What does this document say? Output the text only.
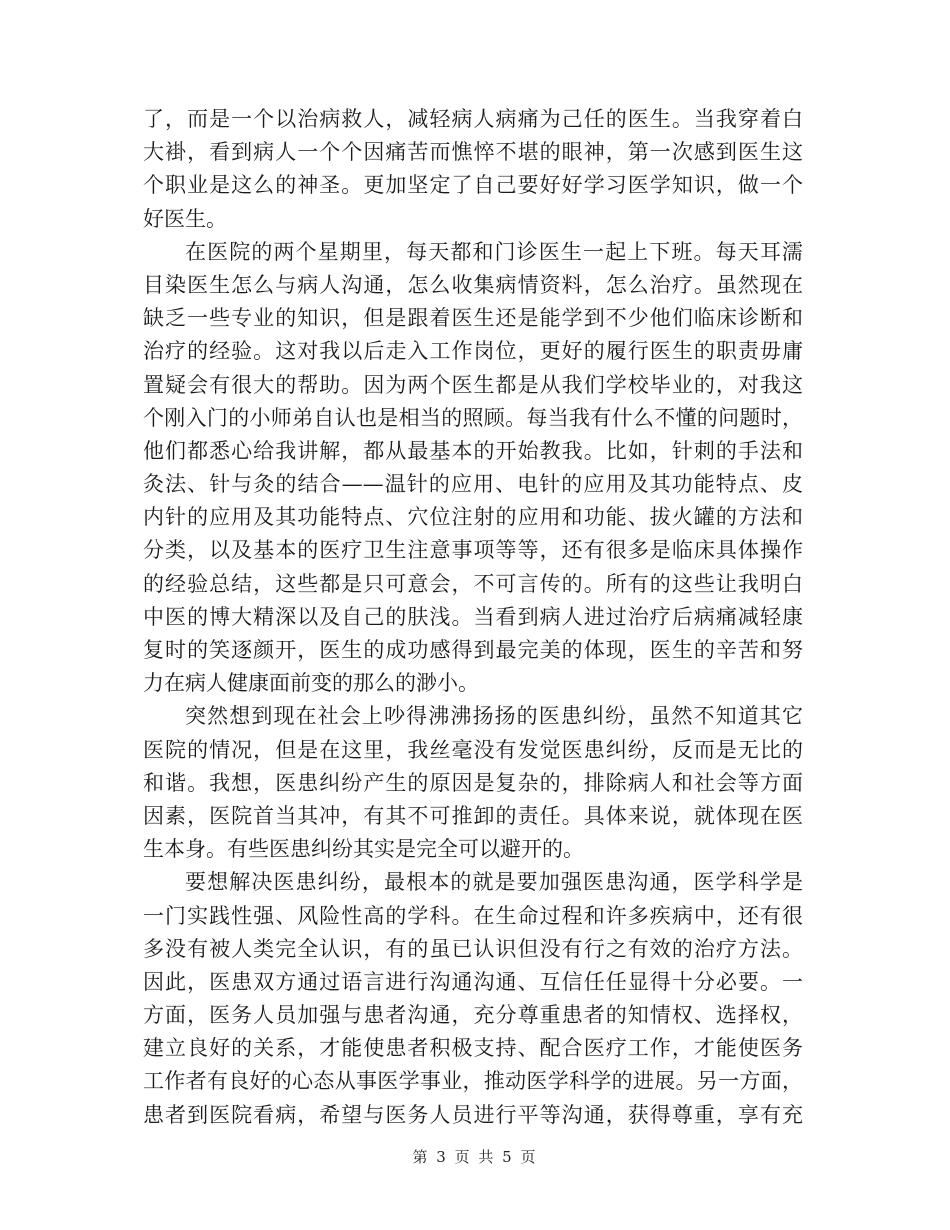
了，而是一个以治病救人，减轻病人病痛为己任的医生。当我穿着白
大褂，看到病人一个个因痛苦而憔悴不堪的眼神，第一次感到医生这
个职业是这么的神圣。更加坚定了自己要好好学习医学知识，做一个
好医生。
在医院的两个星期里，每天都和门诊医生一起上下班。每天耳濡
目染医生怎么与病人沟通，怎么收集病情资料，怎么治疗。虽然现在
缺乏一些专业的知识，但是跟着医生还是能学到不少他们临床诊断和
治疗的经验。这对我以后走入工作岗位，更好的履行医生的职责毋庸
置疑会有很大的帮助。因为两个医生都是从我们学校毕业的，对我这
个刚入门的小师弟自认也是相当的照顾。每当我有什么不懂的问题时，
他们都悉心给我讲解，都从最基本的开始教我。比如，针刺的手法和
灸法、针与灸的结合——温针的应用、电针的应用及其功能特点、皮
内针的应用及其功能特点、穴位注射的应用和功能、拔火罐的方法和
分类，以及基本的医疗卫生注意事项等等，还有很多是临床具体操作
的经验总结，这些都是只可意会，不可言传的。所有的这些让我明白
中医的博大精深以及自己的肤浅。当看到病人进过治疗后病痛减轻康
复时的笑逐颜开，医生的成功感得到最完美的体现，医生的辛苦和努
力在病人健康面前变的那么的渺小。
突然想到现在社会上吵得沸沸扬扬的医患纠纷，虽然不知道其它
医院的情况，但是在这里，我丝毫没有发觉医患纠纷，反而是无比的
和谐。我想，医患纠纷产生的原因是复杂的，排除病人和社会等方面
因素，医院首当其冲，有其不可推卸的责任。具体来说，就体现在医
生本身。有些医患纠纷其实是完全可以避开的。
要想解决医患纠纷，最根本的就是要加强医患沟通，医学科学是
一门实践性强、风险性高的学科。在生命过程和许多疾病中，还有很
多没有被人类完全认识，有的虽已认识但没有行之有效的治疗方法。
因此，医患双方通过语言进行沟通沟通、互信任任显得十分必要。一
方面，医务人员加强与患者沟通，充分尊重患者的知情权、选择权，
建立良好的关系，才能使患者积极支持、配合医疗工作，才能使医务
工作者有良好的心态从事医学事业，推动医学科学的进展。另一方面，
患者到医院看病，希望与医务人员进行平等沟通，获得尊重，享有充
第 3 页 共 5 页
